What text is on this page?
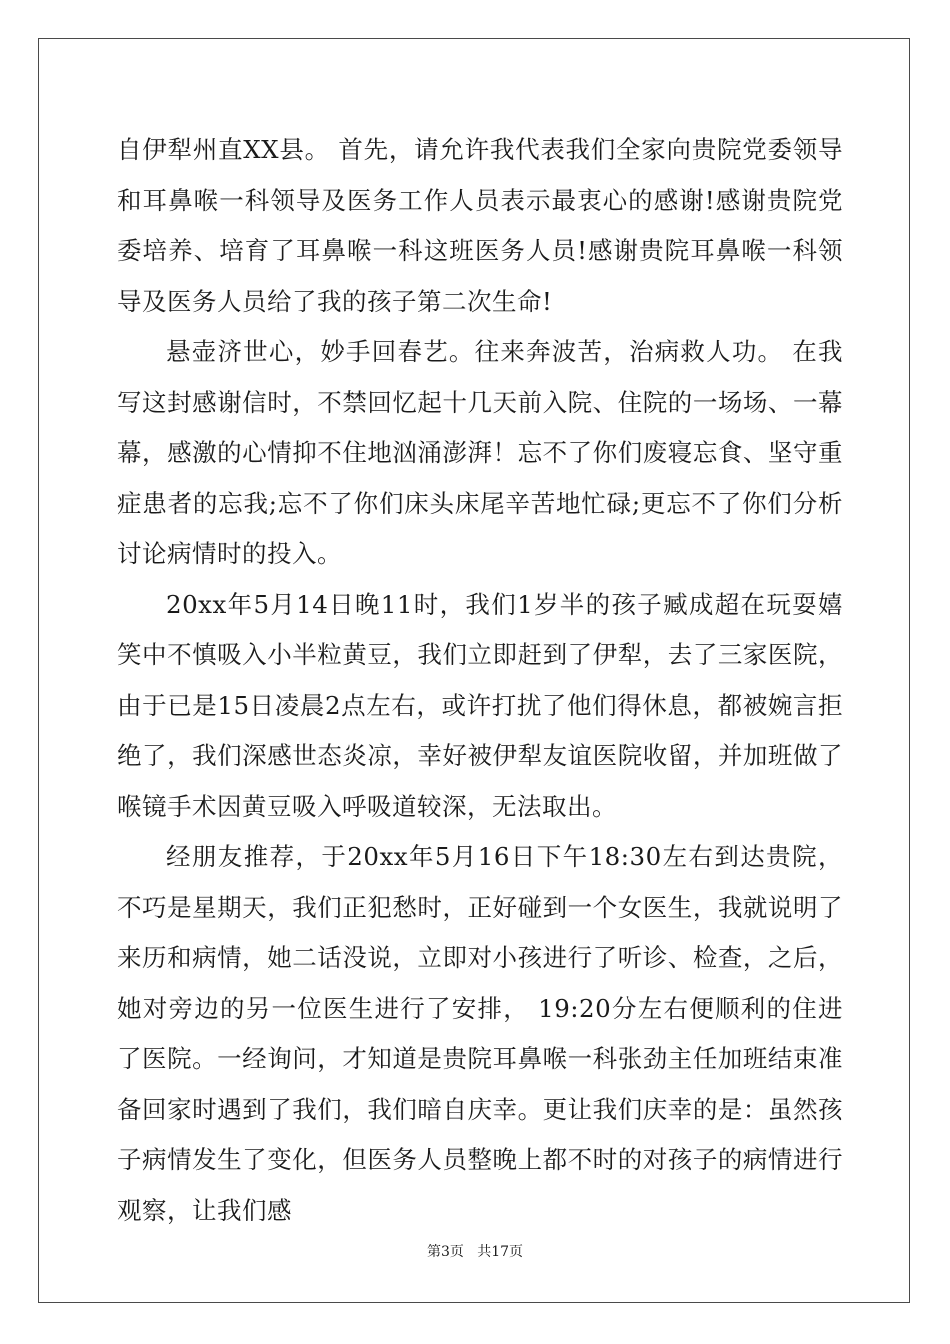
自伊犁州直XX县。 首先，请允许我代表我们全家向贵院党委领导和耳鼻喉一科领导及医务工作人员表示最衷心的感谢!感谢贵院党委培养、培育了耳鼻喉一科这班医务人员!感谢贵院耳鼻喉一科领导及医务人员给了我的孩子第二次生命!

悬壶济世心，妙手回春艺。往来奔波苦，治病救人功。 在我写这封感谢信时，不禁回忆起十几天前入院、住院的一场场、一幕幕，感激的心情抑不住地汹涌澎湃！忘不了你们废寝忘食、坚守重症患者的忘我;忘不了你们床头床尾辛苦地忙碌;更忘不了你们分析讨论病情时的投入。

20xx年5月14日晚11时，我们1岁半的孩子臧成超在玩耍嬉笑中不慎吸入小半粒黄豆，我们立即赶到了伊犁，去了三家医院，由于已是15日凌晨2点左右，或许打扰了他们得休息，都被婉言拒绝了，我们深感世态炎凉，幸好被伊犁友谊医院收留，并加班做了喉镜手术因黄豆吸入呼吸道较深，无法取出。

经朋友推荐，于20xx年5月16日下午18:30左右到达贵院，不巧是星期天，我们正犯愁时，正好碰到一个女医生，我就说明了来历和病情，她二话没说，立即对小孩进行了听诊、检查，之后，她对旁边的另一位医生进行了安排， 19:20分左右便顺利的住进了医院。一经询问，才知道是贵院耳鼻喉一科张劲主任加班结束准备回家时遇到了我们，我们暗自庆幸。更让我们庆幸的是：虽然孩子病情发生了变化，但医务人员整晚上都不时的对孩子的病情进行观察，让我们感

第3页   共17页
